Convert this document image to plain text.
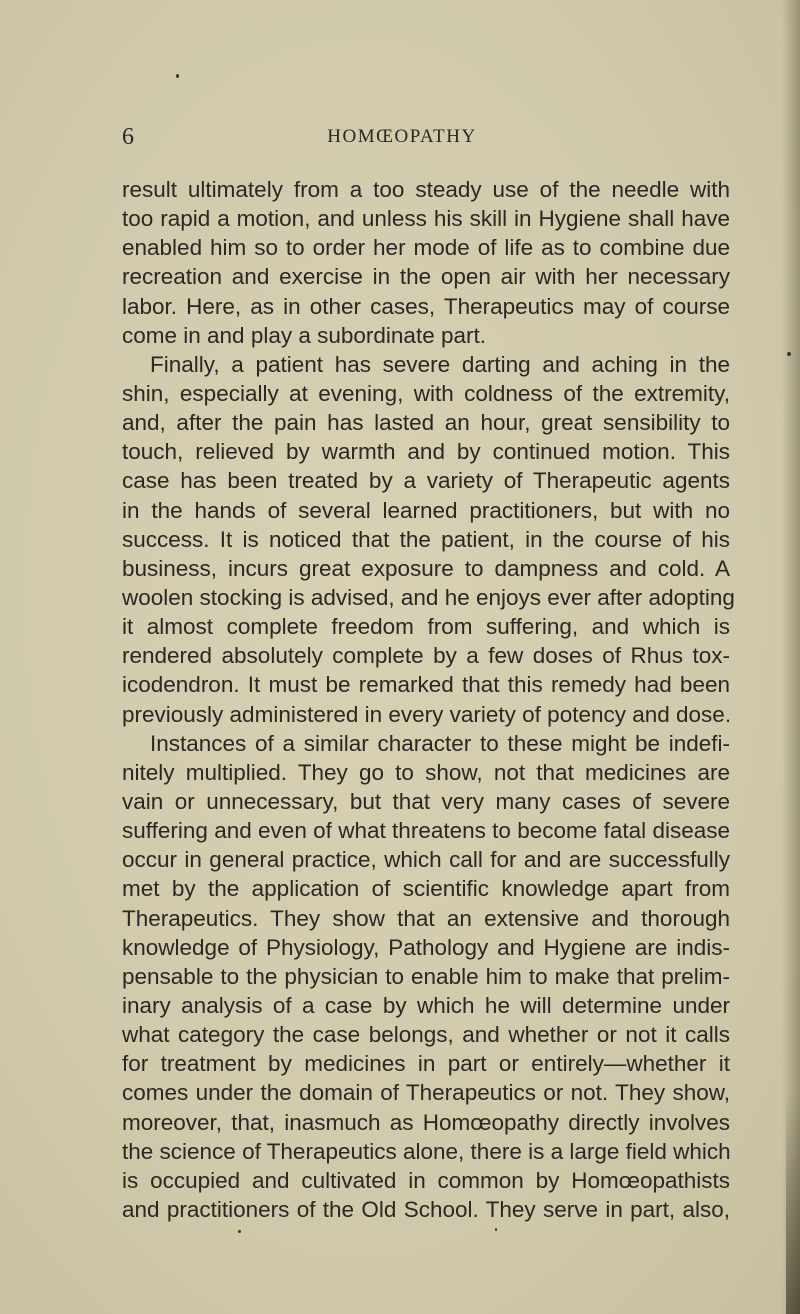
6	HOMŒOPATHY
result ultimately from a too steady use of the needle with
too rapid a motion, and unless his skill in Hygiene shall have
enabled him so to order her mode of life as to combine due
recreation and exercise in the open air with her necessary
labor. Here, as in other cases, Therapeutics may of course
come in and play a subordinate part.
Finally, a patient has severe darting and aching in the
shin, especially at evening, with coldness of the extremity,
and, after the pain has lasted an hour, great sensibility to
touch, relieved by warmth and by continued motion. This
case has been treated by a variety of Therapeutic agents
in the hands of several learned practitioners, but with no
success. It is noticed that the patient, in the course of his
business, incurs great exposure to dampness and cold. A
woolen stocking is advised, and he enjoys ever after adopting
it almost complete freedom from suffering, and which is
rendered absolutely complete by a few doses of Rhus tox-
icodendron. It must be remarked that this remedy had been
previously administered in every variety of potency and dose.
Instances of a similar character to these might be indefi-
nitely multiplied. They go to show, not that medicines are
vain or unnecessary, but that very many cases of severe
suffering and even of what threatens to become fatal disease
occur in general practice, which call for and are successfully
met by the application of scientific knowledge apart from
Therapeutics. They show that an extensive and thorough
knowledge of Physiology, Pathology and Hygiene are indis-
pensable to the physician to enable him to make that prelim-
inary analysis of a case by which he will determine under
what category the case belongs, and whether or not it calls
for treatment by medicines in part or entirely—whether it
comes under the domain of Therapeutics or not. They show,
moreover, that, inasmuch as Homœopathy directly involves
the science of Therapeutics alone, there is a large field which
is occupied and cultivated in common by Homœopathists
and practitioners of the Old School. They serve in part, also,
